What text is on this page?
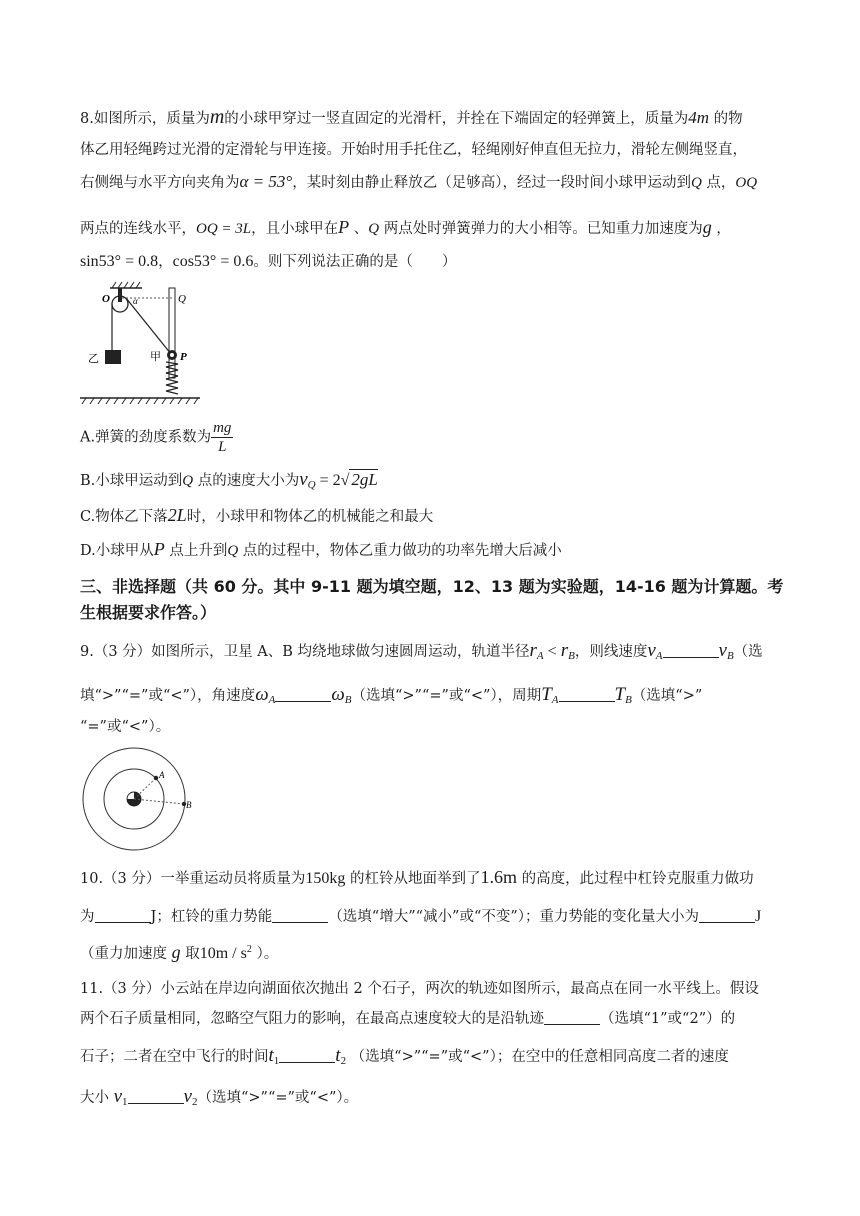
8.如图所示，质量为m的小球甲穿过一竖直固定的光滑杆，并拴在下端固定的轻弹簧上，质量为4m 的物
体乙用轻绳跨过光滑的定滑轮与甲连接。开始时用手托住乙，轻绳刚好伸直但无拉力，滑轮左侧绳竖直，
右侧绳与水平方向夹角为α = 53°，某时刻由静止释放乙（足够高），经过一段时间小球甲运动到Q 点，OQ
两点的连线水平，OQ = 3L，且小球甲在P 、Q 两点处时弹簧弹力的大小相等。已知重力加速度为g ，
sin53° = 0.8，cos53° = 0.6。则下列说法正确的是（　　）
O	α	Q
乙	甲 P
A.弹簧的劲度系数为 $\frac{mg}{L}$
B.小球甲运动到Q 点的速度大小为$v_Q = 2√$ 2gL
C.物体乙下落2L时，小球甲和物体乙的机械能之和最大
D.小球甲从P 点上升到Q 点的过程中，物体乙重力做功的功率先增大后减小
三、非选择题（共 60 分。其中 9-11 题为填空题，12、13 题为实验题，14-16 题为计算题。考生根据要求作答。）
9.（3 分）如图所示，卫星 A、B 均绕地球做匀速圆周运动，轨道半径$r_A < r_B$，则线速度$v_A$	$v_B$（选
填“>”“=”或“<”），角速度$\omega_A$	$\omega_B$（选填“>”“=”或“<”），周期$T_A$	$T_B$（选填“>”
“=”或“<”）。
A
B
10.（3 分）一举重运动员将质量为150kg 的杠铃从地面举到了1.6m 的高度，此过程中杠铃克服重力做功
为	J；杠铃的重力势能	（选填“增大”“减小”或“不变”）；重力势能的变化量大小为	J
（重力加速度 g 取$10m / s^2$ ）。
11.（3 分）小云站在岸边向湖面依次抛出 2 个石子，两次的轨迹如图所示，最高点在同一水平线上。假设
两个石子质量相同，忽略空气阻力的影响，在最高点速度较大的是沿轨迹	（选填“1”或“2”）的
石子；二者在空中飞行的时间$t_1$	$t_2$ （选填“>”“=”或“<”）；在空中的任意相同高度二者的速度
大小 $v_1$	$v_2$（选填“>”“=”或“<”）。
